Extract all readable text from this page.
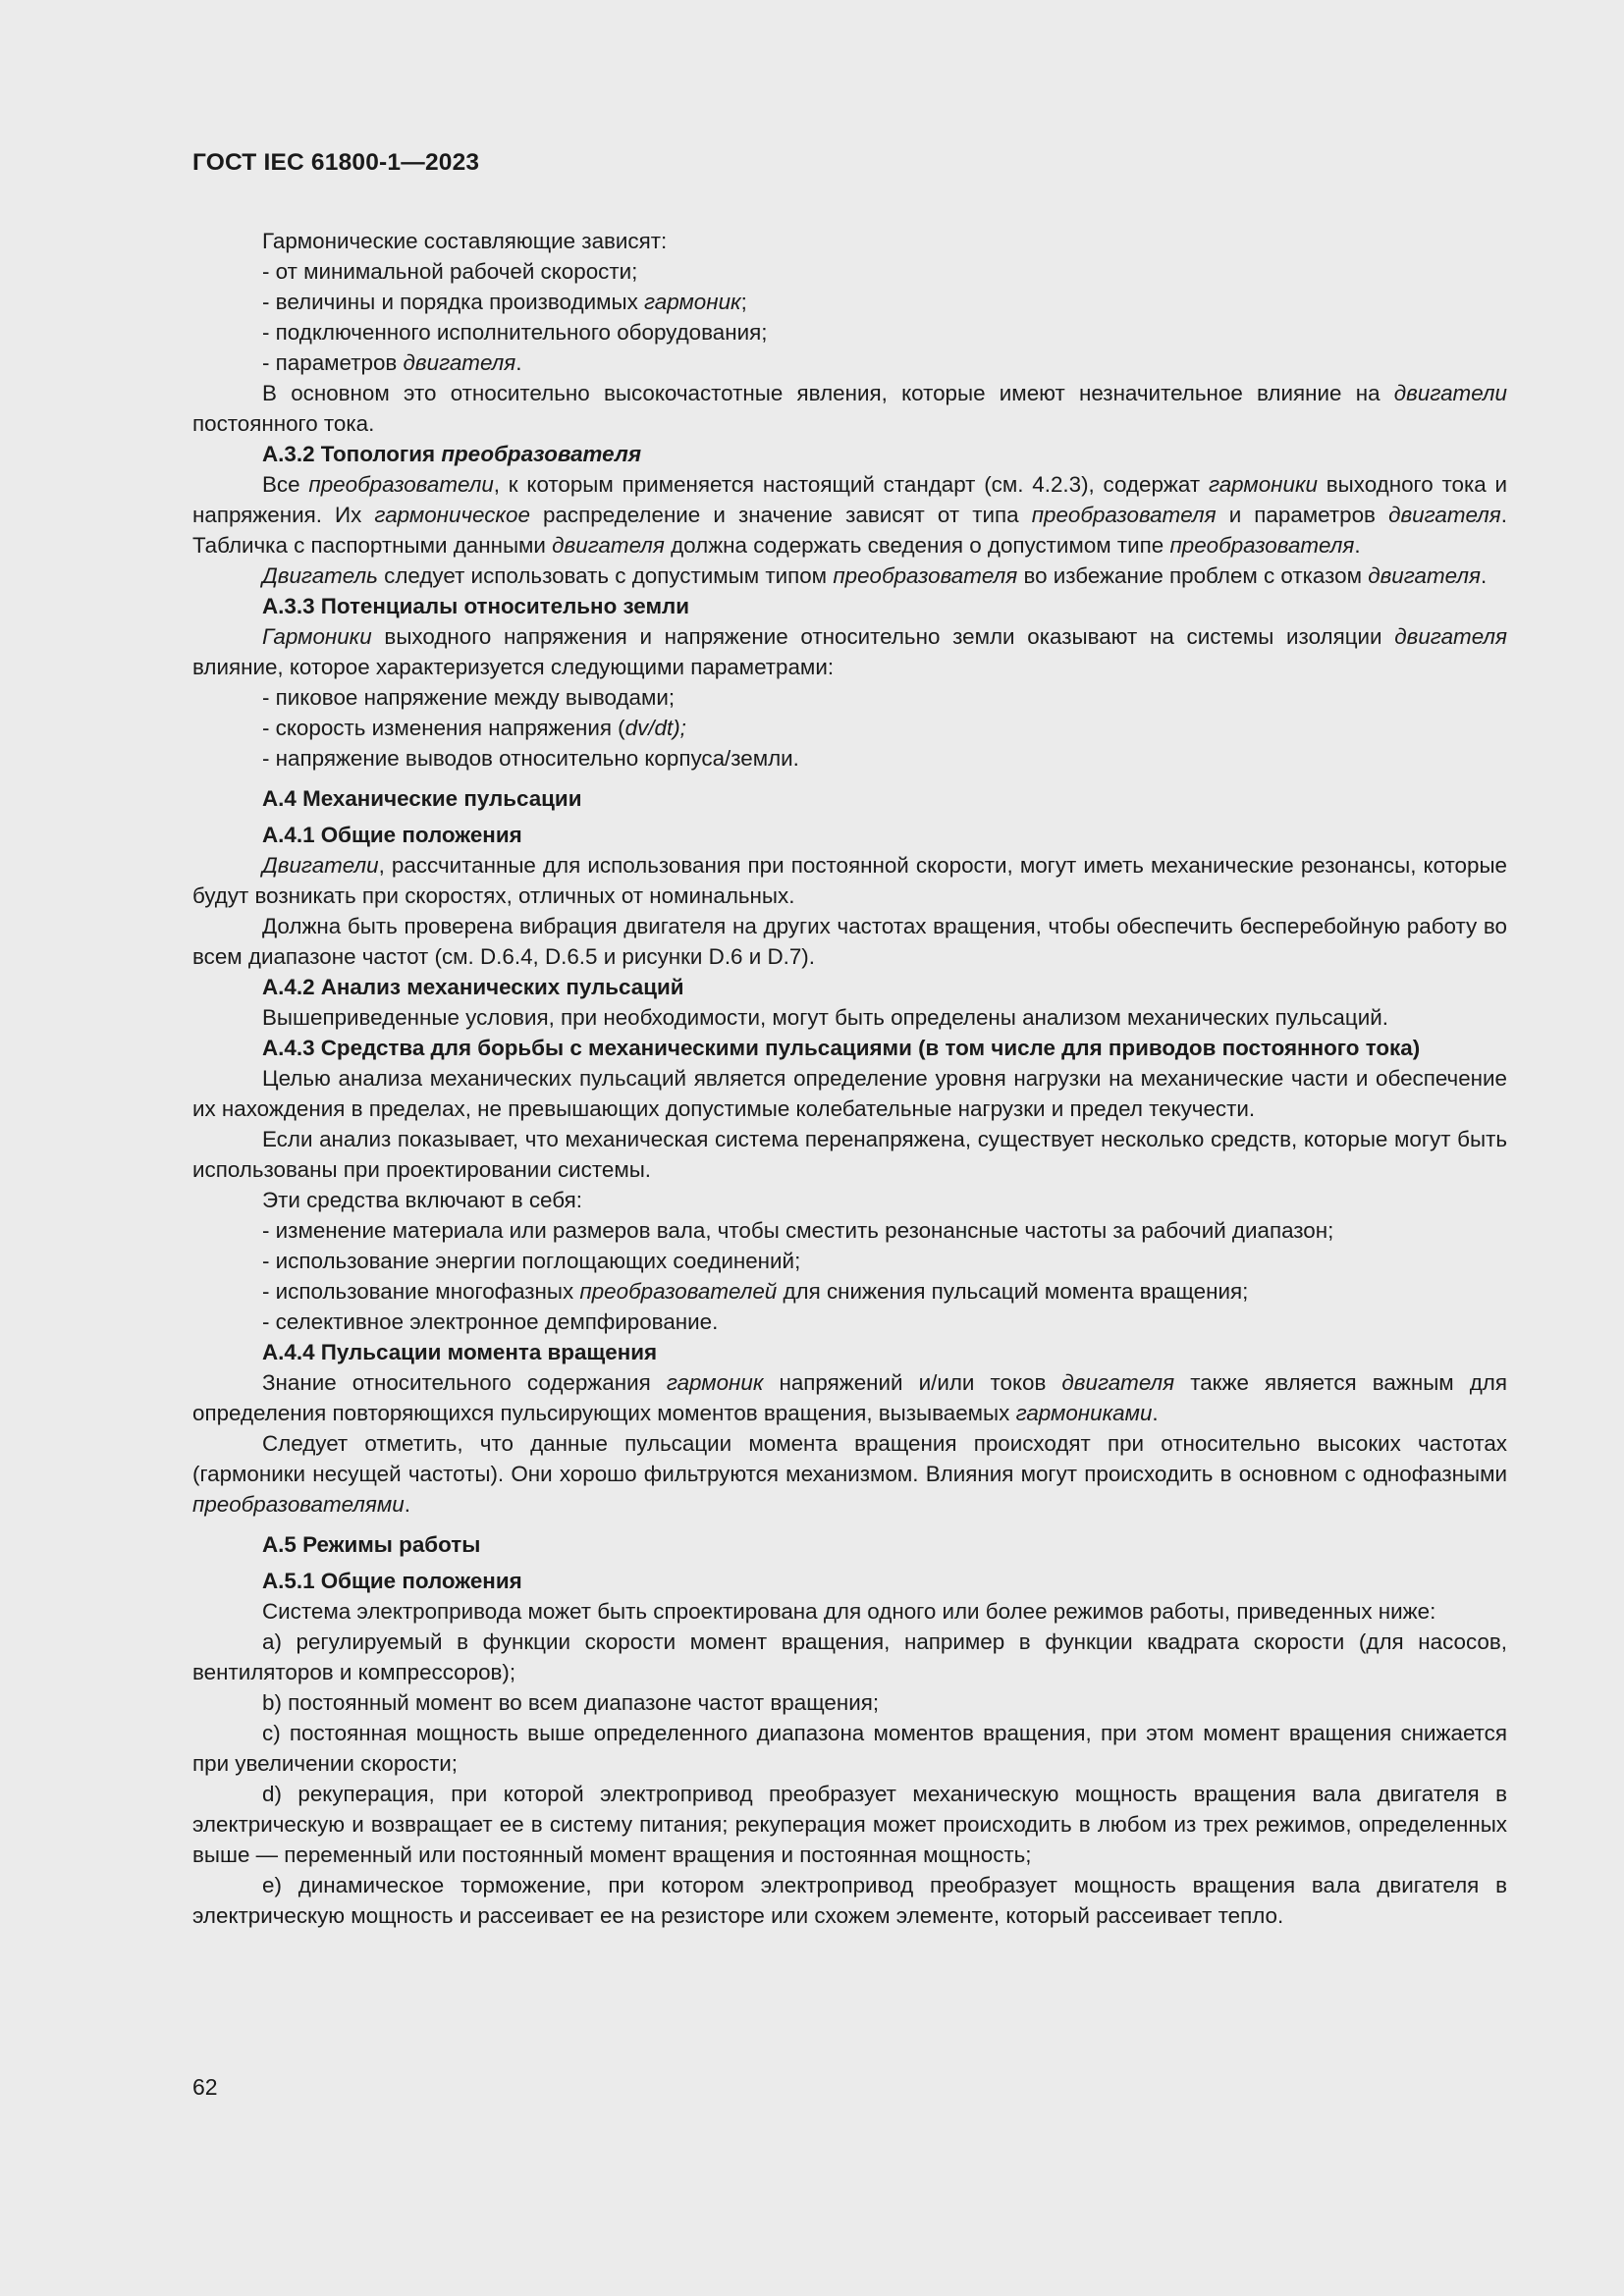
ГОСТ IEC 61800-1—2023

Гармонические составляющие зависят:

- от минимальной рабочей скорости;

- величины и порядка производимых гармоник;

- подключенного исполнительного оборудования;

- параметров двигателя.

В основном это относительно высокочастотные явления, которые имеют незначительное влияние на двигатели постоянного тока.

А.3.2 Топология преобразователя

Все преобразователи, к которым применяется настоящий стандарт (см. 4.2.3), содержат гармоники выходного тока и напряжения. Их гармоническое распределение и значение зависят от типа преобразователя и параметров двигателя. Табличка с паспортными данными двигателя должна содержать сведения о допустимом типе преобразователя.

Двигатель следует использовать с допустимым типом преобразователя во избежание проблем с отказом двигателя.

А.3.3 Потенциалы относительно земли

Гармоники выходного напряжения и напряжение относительно земли оказывают на системы изоляции двигателя влияние, которое характеризуется следующими параметрами:

- пиковое напряжение между выводами;

- скорость изменения напряжения (dv/dt);

- напряжение выводов относительно корпуса/земли.

А.4 Механические пульсации
А.4.1 Общие положения

Двигатели, рассчитанные для использования при постоянной скорости, могут иметь механические резонансы, которые будут возникать при скоростях, отличных от номинальных.

Должна быть проверена вибрация двигателя на других частотах вращения, чтобы обеспечить бесперебойную работу во всем диапазоне частот (см. D.6.4, D.6.5 и рисунки D.6 и D.7).

А.4.2 Анализ механических пульсаций

Вышеприведенные условия, при необходимости, могут быть определены анализом механических пульсаций.

А.4.3 Средства для борьбы с механическими пульсациями (в том числе для приводов постоянного тока)

Целью анализа механических пульсаций является определение уровня нагрузки на механические части и обеспечение их нахождения в пределах, не превышающих допустимые колебательные нагрузки и предел текучести.

Если анализ показывает, что механическая система перенапряжена, существует несколько средств, которые могут быть использованы при проектировании системы.

Эти средства включают в себя:

- изменение материала или размеров вала, чтобы сместить резонансные частоты за рабочий диапазон;

- использование энергии поглощающих соединений;

- использование многофазных преобразователей для снижения пульсаций момента вращения;

- селективное электронное демпфирование.

А.4.4 Пульсации момента вращения

Знание относительного содержания гармоник напряжений и/или токов двигателя также является важным для определения повторяющихся пульсирующих моментов вращения, вызываемых гармониками.

Следует отметить, что данные пульсации момента вращения происходят при относительно высоких частотах (гармоники несущей частоты). Они хорошо фильтруются механизмом. Влияния могут происходить в основном с однофазными преобразователями.

А.5 Режимы работы
А.5.1 Общие положения

Система электропривода может быть спроектирована для одного или более режимов работы, приведенных ниже:

a) регулируемый в функции скорости момент вращения, например в функции квадрата скорости (для насосов, вентиляторов и компрессоров);

b) постоянный момент во всем диапазоне частот вращения;

c) постоянная мощность выше определенного диапазона моментов вращения, при этом момент вращения снижается при увеличении скорости;

d) рекуперация, при которой электропривод преобразует механическую мощность вращения вала двигателя в электрическую и возвращает ее в систему питания; рекуперация может происходить в любом из трех режимов, определенных выше — переменный или постоянный момент вращения и постоянная мощность;

e) динамическое торможение, при котором электропривод преобразует мощность вращения вала двигателя в электрическую мощность и рассеивает ее на резисторе или схожем элементе, который рассеивает тепло.

62
